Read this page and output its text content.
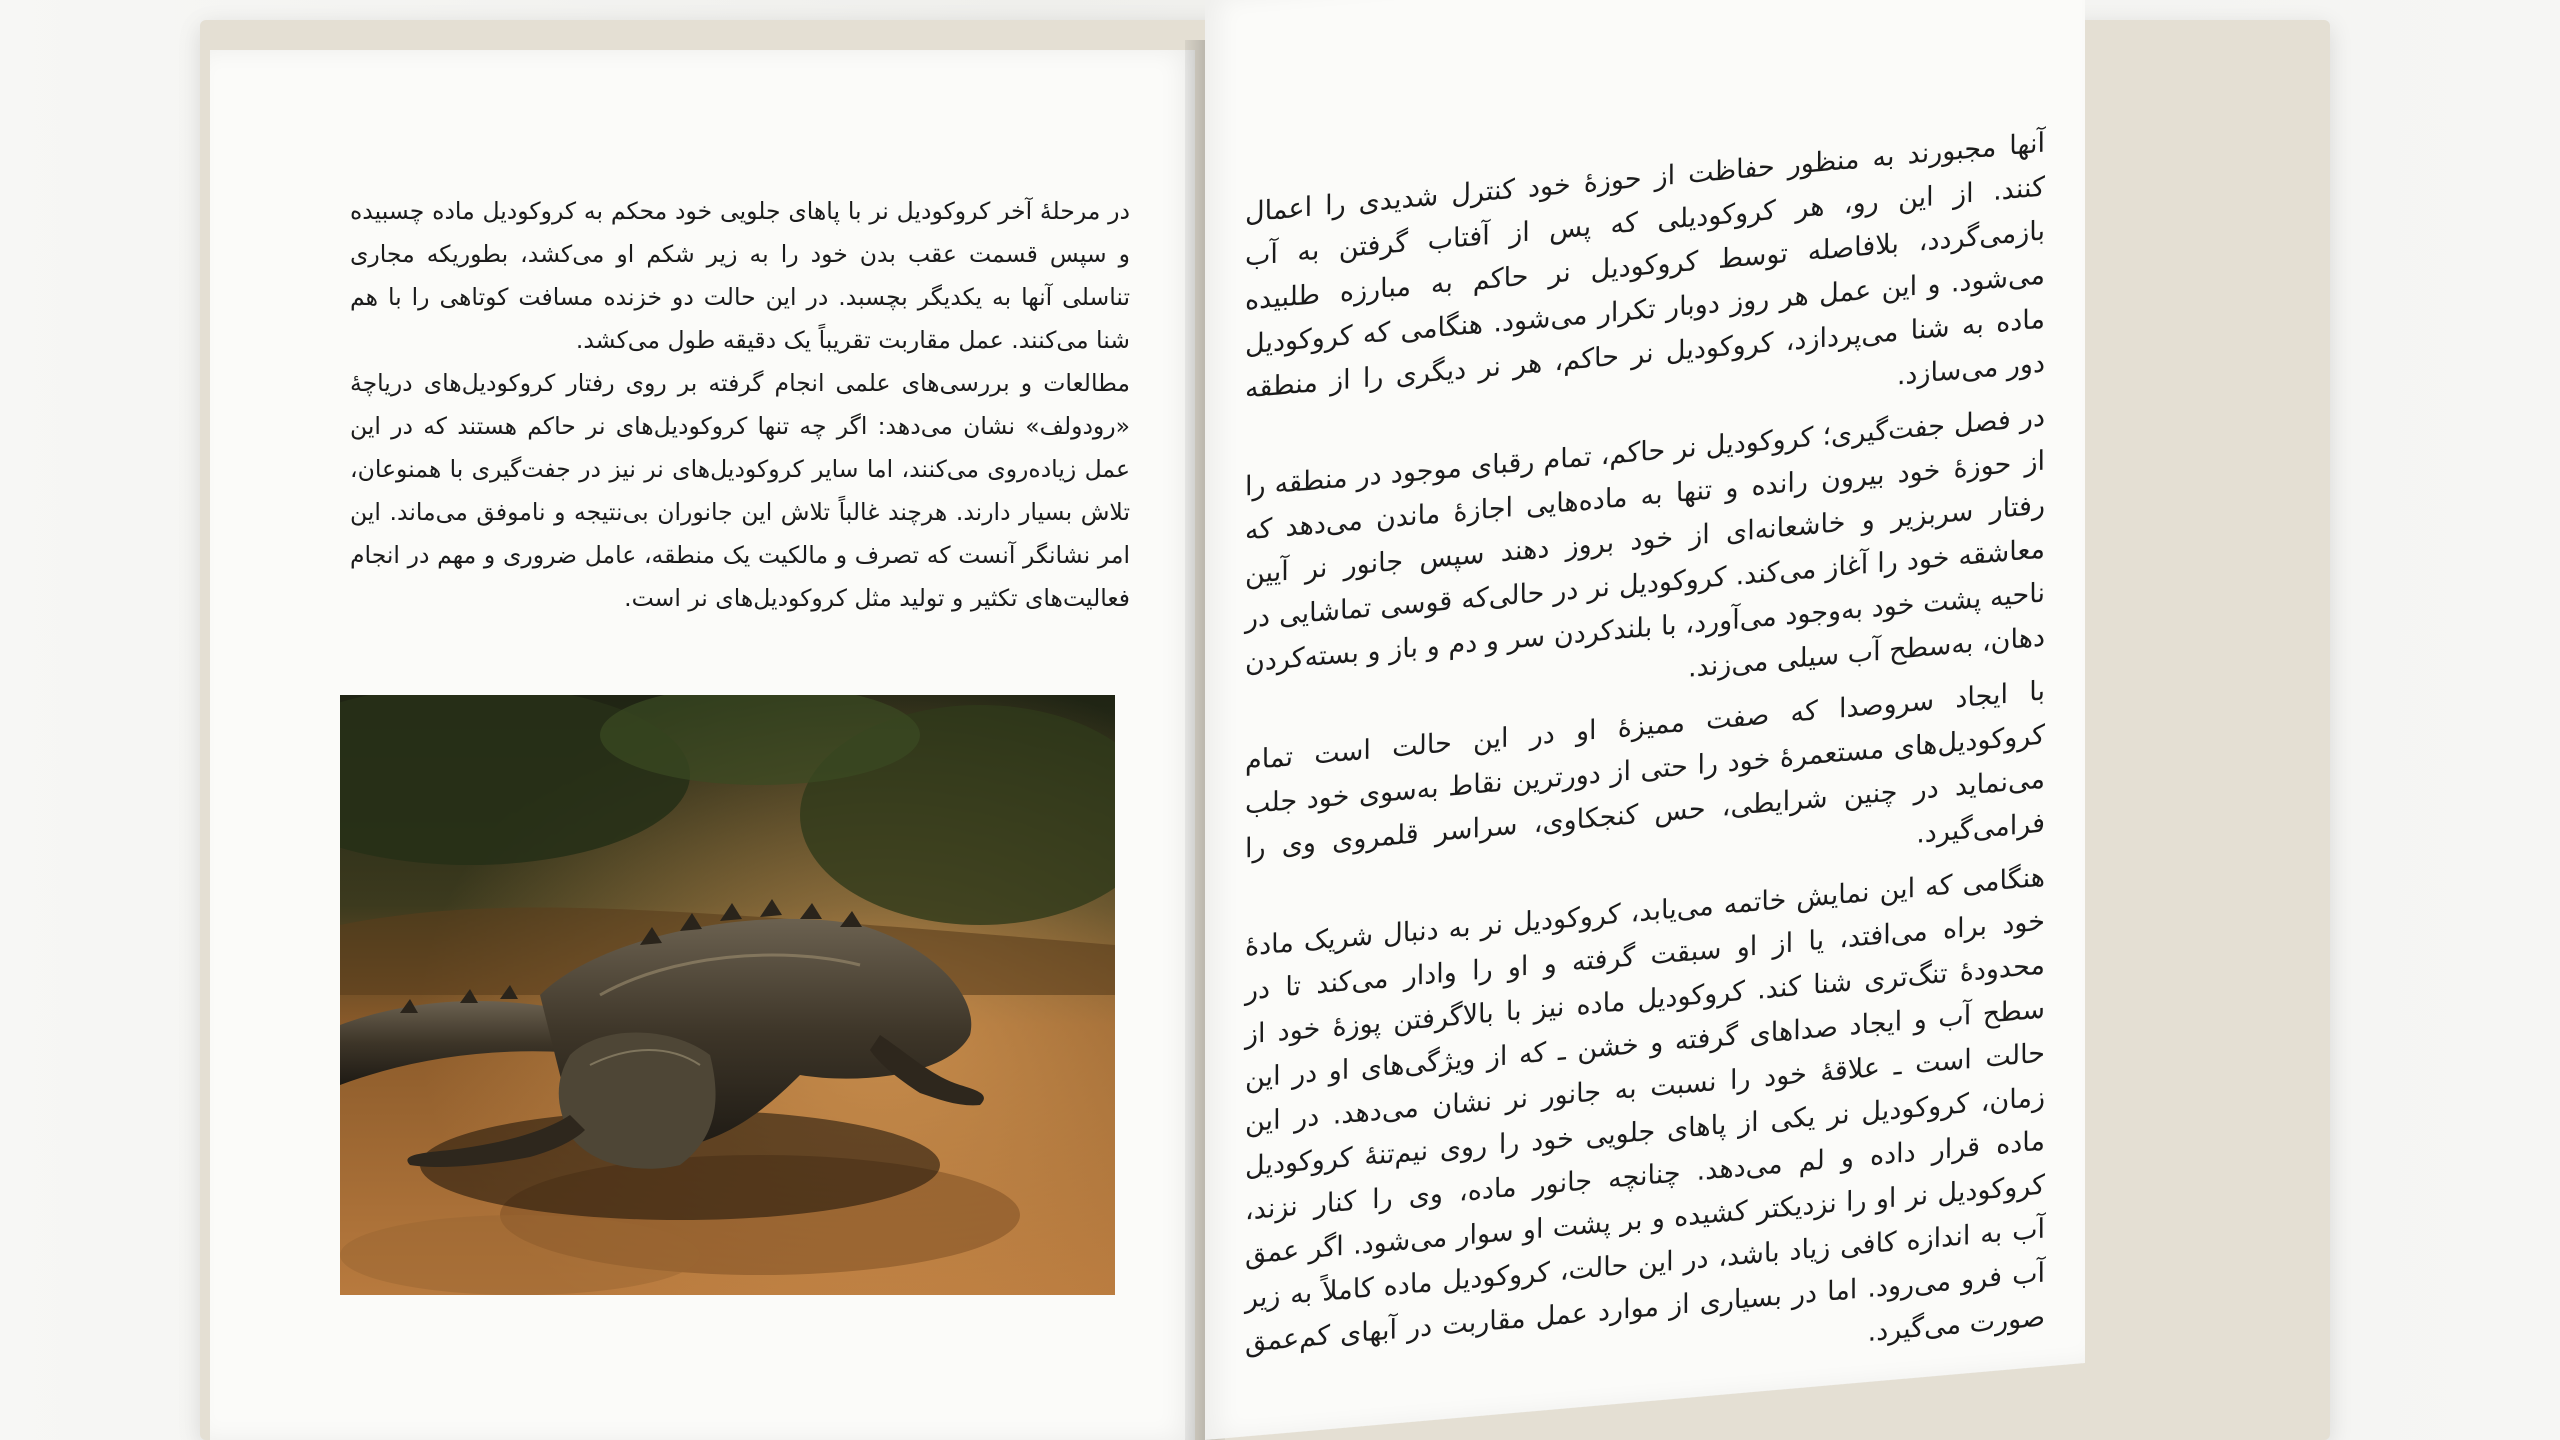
در مرحلهٔ آخر کروکودیل نر با پاهای جلویی خود محکم به کروکودیل ماده چسبیده و سپس قسمت عقب بدن خود را به زیر شکم او می‌کشد، بطوریکه مجاری تناسلی آنها به یکدیگر بچسبد. در این حالت دو خزنده مسافت کوتاهی را با هم شنا می‌کنند. عمل مقاربت تقریباً یک دقیقه طول می‌کشد.

مطالعات و بررسی‌های علمی انجام گرفته بر روی رفتار کروکودیل‌های دریاچهٔ «رودولف» نشان می‌دهد: اگر چه تنها کروکودیل‌های نر حاکم هستند که در این عمل زیاده‌روی می‌کنند، اما سایر کروکودیل‌های نر نیز در جفت‌گیری با همنوعان، تلاش بسیار دارند. هرچند غالباً تلاش این جانوران بی‌نتیجه و ناموفق می‌ماند. این امر نشانگر آنست که تصرف و مالکیت یک منطقه، عامل ضروری و مهم در انجام فعالیت‌های تکثیر و تولید مثل کروکودیل‌های نر است.

آنها مجبورند به منظور حفاظت از حوزهٔ خود کنترل شدیدی را اعمال کنند. از این رو، هر کروکودیلی که پس از آفتاب گرفتن به آب بازمی‌گردد، بلافاصله توسط کروکودیل نر حاکم به مبارزه طلبیده می‌شود. و این عمل هر روز دوبار تکرار می‌شود. هنگامی که کروکودیل ماده به شنا می‌پردازد، کروکودیل نر حاکم، هر نر دیگری را از منطقه دور می‌سازد.

در فصل جفت‌گیری؛ کروکودیل نر حاکم، تمام رقبای موجود در منطقه را از حوزهٔ خود بیرون رانده و تنها به ماده‌هایی اجازهٔ ماندن می‌دهد که رفتار سربزیر و خاشعانه‌ای از خود بروز دهند سپس جانور نر آیین معاشقه خود را آغاز می‌کند. کروکودیل نر در حالی‌که قوسی تماشایی در ناحیه پشت خود به‌وجود می‌آورد، با بلندکردن سر و دم و باز و بسته‌کردن دهان، به‌سطح آب سیلی می‌زند.

با ایجاد سروصدا که صفت ممیزهٔ او در این حالت است تمام کروکودیل‌های مستعمرهٔ خود را حتی از دورترین نقاط به‌سوی خود جلب می‌نماید در چنین شرایطی، حس کنجکاوی، سراسر قلمروی وی را فرامی‌گیرد.

هنگامی که این نمایش خاتمه می‌یابد، کروکودیل نر به دنبال شریک مادهٔ خود براه می‌افتد، یا از او سبقت گرفته و او را وادار می‌کند تا در محدودهٔ تنگ‌تری شنا کند. کروکودیل ماده نیز با بالاگرفتن پوزهٔ خود از سطح آب و ایجاد صداهای گرفته و خشن ـ که از ویژگی‌های او در این حالت است ـ علاقهٔ خود را نسبت به جانور نر نشان می‌دهد. در این زمان، کروکودیل نر یکی از پاهای جلویی خود را روی نیم‌تنهٔ کروکودیل ماده قرار داده و لم می‌دهد. چنانچه جانور ماده، وی را کنار نزند، کروکودیل نر او را نزدیکتر کشیده و بر پشت او سوار می‌شود. اگر عمق آب به اندازه کافی زیاد باشد، در این حالت، کروکودیل ماده کاملاً به زیر آب فرو می‌رود. اما در بسیاری از موارد عمل مقاربت در آبهای کم‌عمق صورت می‌گیرد.
